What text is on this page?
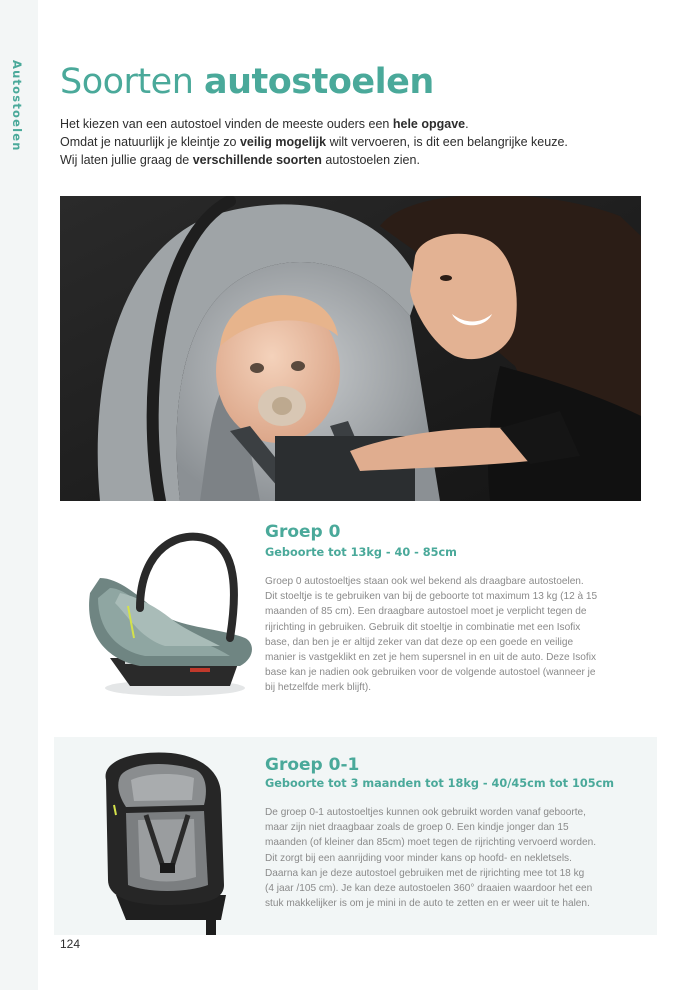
Autostoelen Soorten autostoelen

Het kiezen van een autostoel vinden de meeste ouders een hele opgave.

Omdat je natuurlijk je kleintje zo veilig mogelijk wilt vervoeren, is dit een belangrijke keuze.

Wij laten jullie graag de verschillende soorten autostoelen zien.

Groep 0
Geboorte tot 13kg - 40 - 85cm
Groep 0 autostoeltjes staan ook wel bekend als draagbare autostoelen.
Dit stoeltje is te gebruiken van bij de geboorte tot maximum 13 kg (12 à 15
maanden of 85 cm). Een draagbare autostoel moet je verplicht tegen de
rijrichting in gebruiken. Gebruik dit stoeltje in combinatie met een Isofix
base, dan ben je er altijd zeker van dat deze op een goede en veilige
manier is vastgeklikt en zet je hem supersnel in en uit de auto. Deze Isofix
base kan je nadien ook gebruiken voor de volgende autostoel (wanneer je
bij hetzelfde merk blijft).
Groep 0-1
Geboorte tot 3 maanden tot 18kg - 40/45cm tot 105cm
De groep 0-1 autostoeltjes kunnen ook gebruikt worden vanaf geboorte,
maar zijn niet draagbaar zoals de groep 0. Een kindje jonger dan 15
maanden (of kleiner dan 85cm) moet tegen de rijrichting vervoerd worden.
Dit zorgt bij een aanrijding voor minder kans op hoofd- en nekletsels.
Daarna kan je deze autostoel gebruiken met de rijrichting mee tot 18 kg
(4 jaar /105 cm). Je kan deze autostoelen 360° draaien waardoor het een
stuk makkelijker is om je mini in de auto te zetten en er weer uit te halen.
124
